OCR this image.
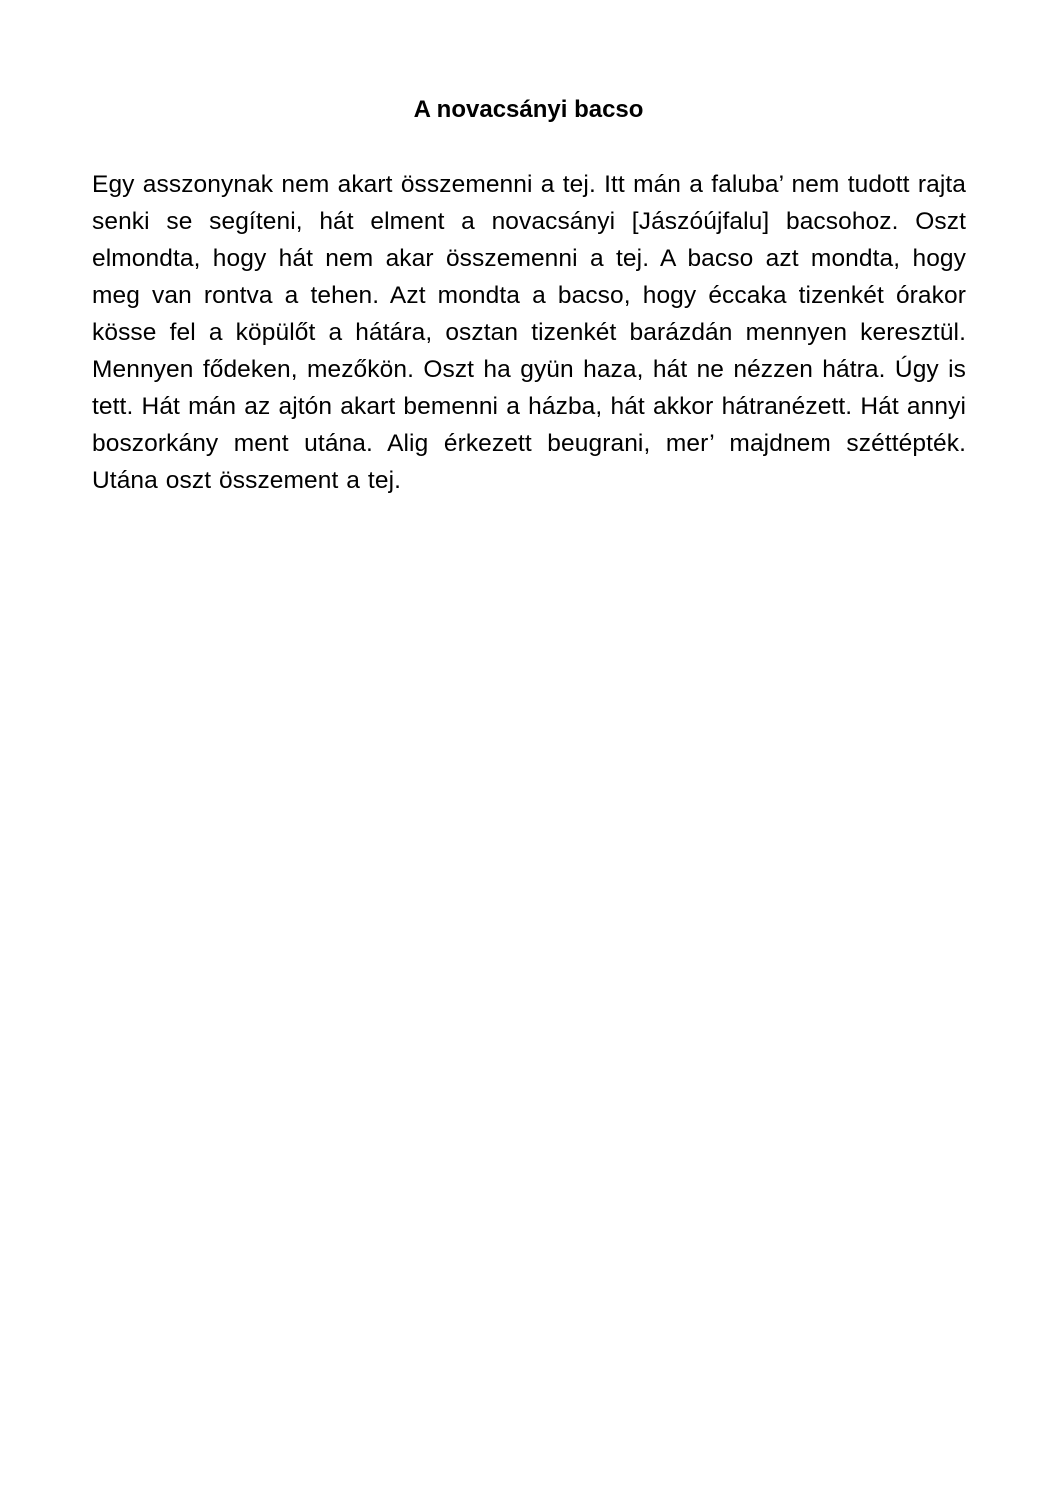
A novacsányi bacso

Egy asszonynak nem akart összemenni a tej. Itt mán a faluba’ nem tudott rajta senki se segíteni, hát elment a novacsányi [Jászóújfalu] bacsohoz. Oszt elmondta, hogy hát nem akar összemenni a tej. A bacso azt mondta, hogy meg van rontva a tehen. Azt mondta a bacso, hogy éccaka tizenkét órakor kösse fel a köpülőt a hátára, osztan tizenkét barázdán mennyen keresztül. Mennyen fődeken, mezőkön. Oszt ha gyün haza, hát ne nézzen hátra. Úgy is tett. Hát mán az ajtón akart bemenni a házba, hát akkor hátranézett. Hát annyi boszorkány ment utána. Alig érkezett beugrani, mer’ majdnem széttépték. Utána oszt összement a tej.
